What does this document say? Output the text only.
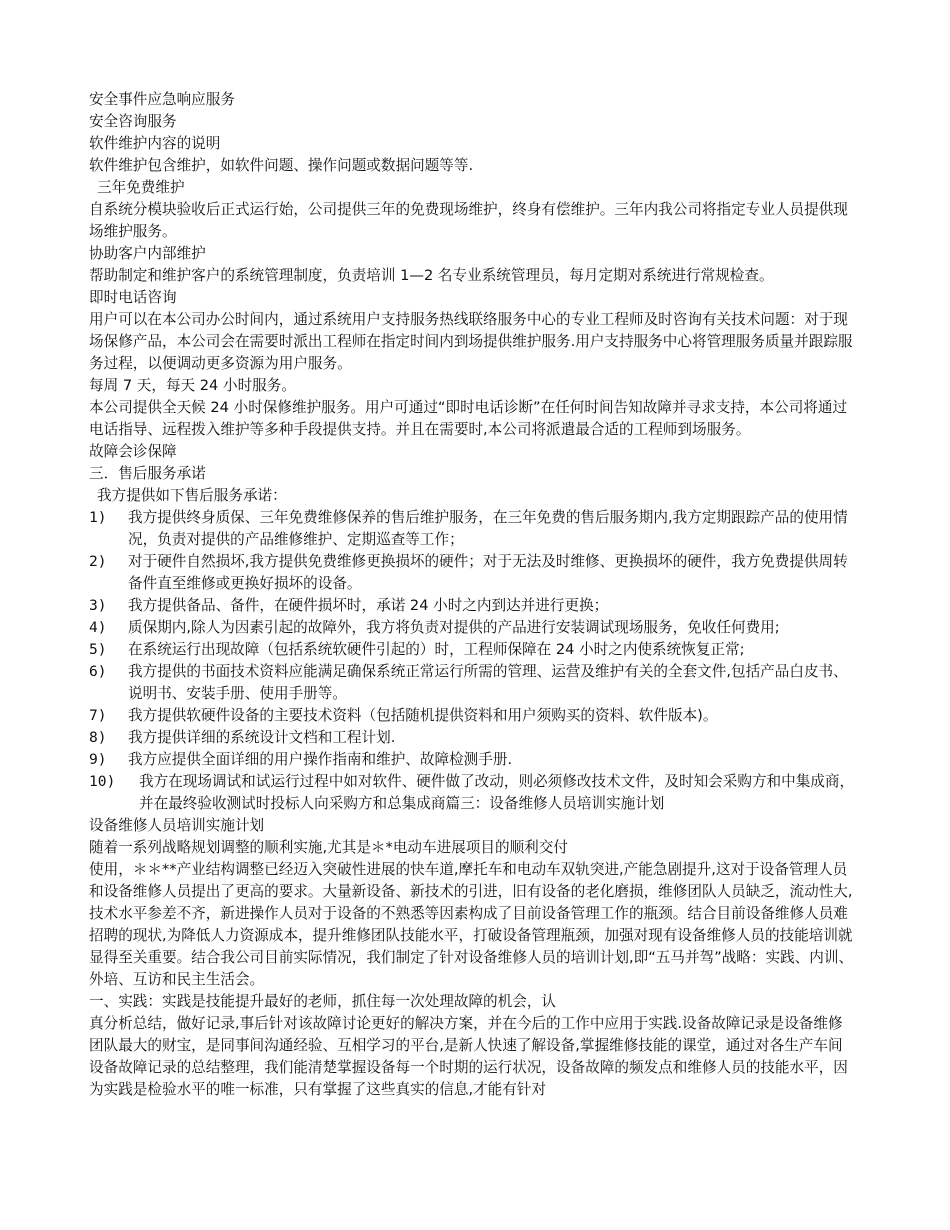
安全事件应急响应服务

安全咨询服务

软件维护内容的说明

软件维护包含维护，如软件问题、操作问题或数据问题等等.

三年免费维护

自系统分模块验收后正式运行始，公司提供三年的免费现场维护，终身有偿维护。三年内我公司将指定专业人员提供现场维护服务。

协助客户内部维护

帮助制定和维护客户的系统管理制度，负责培训 1—2 名专业系统管理员，每月定期对系统进行常规检查。

即时电话咨询

用户可以在本公司办公时间内，通过系统用户支持服务热线联络服务中心的专业工程师及时咨询有关技术问题：对于现场保修产品，本公司会在需要时派出工程师在指定时间内到场提供维护服务.用户支持服务中心将管理服务质量并跟踪服务过程，以便调动更多资源为用户服务。

每周 7 天，每天 24 小时服务。

本公司提供全天候 24 小时保修维护服务。用户可通过“即时电话诊断”在任何时间告知故障并寻求支持，本公司将通过电话指导、远程拨入维护等多种手段提供支持。并且在需要时,本公司将派遣最合适的工程师到场服务。

故障会诊保障

三．售后服务承诺

我方提供如下售后服务承诺：

1) 我方提供终身质保、三年免费维修保养的售后维护服务，在三年免费的售后服务期内,我方定期跟踪产品的使用情况，负责对提供的产品维修维护、定期巡查等工作；
2) 对于硬件自然损坏,我方提供免费维修更换损坏的硬件；对于无法及时维修、更换损坏的硬件，我方免费提供周转备件直至维修或更换好损坏的设备。
3) 我方提供备品、备件，在硬件损坏时，承诺 24 小时之内到达并进行更换；
4) 质保期内,除人为因素引起的故障外，我方将负责对提供的产品进行安装调试现场服务，免收任何费用;
5) 在系统运行出现故障（包括系统软硬件引起的）时，工程师保障在 24 小时之内使系统恢复正常;
6) 我方提供的书面技术资料应能满足确保系统正常运行所需的管理、运营及维护有关的全套文件,包括产品白皮书、说明书、安装手册、使用手册等。
7) 我方提供软硬件设备的主要技术资料（包括随机提供资料和用户须购买的资料、软件版本)。
8) 我方提供详细的系统设计文档和工程计划.
9) 我方应提供全面详细的用户操作指南和维护、故障检测手册.
10) 我方在现场调试和试运行过程中如对软件、硬件做了改动，则必须修改技术文件，及时知会采购方和中集成商，并在最终验收测试时投标人向采购方和总集成商篇三：设备维修人员培训实施计划

设备维修人员培训实施计划

随着一系列战略规划调整的顺利实施,尤其是＊*电动车进展项目的顺利交付

使用，＊＊**产业结构调整已经迈入突破性进展的快车道,摩托车和电动车双轨突进,产能急剧提升,这对于设备管理人员和设备维修人员提出了更高的要求。大量新设备、新技术的引进，旧有设备的老化磨损，维修团队人员缺乏，流动性大,技术水平参差不齐，新进操作人员对于设备的不熟悉等因素构成了目前设备管理工作的瓶颈。结合目前设备维修人员难招聘的现状,为降低人力资源成本，提升维修团队技能水平，打破设备管理瓶颈，加强对现有设备维修人员的技能培训就显得至关重要。结合我公司目前实际情况，我们制定了针对设备维修人员的培训计划,即“五马并驾”战略：实践、内训、外培、互访和民主生活会。

一、实践：实践是技能提升最好的老师，抓住每一次处理故障的机会，认

真分析总结，做好记录,事后针对该故障讨论更好的解决方案，并在今后的工作中应用于实践.设备故障记录是设备维修团队最大的财宝，是同事间沟通经验、互相学习的平台,是新人快速了解设备,掌握维修技能的课堂，通过对各生产车间设备故障记录的总结整理，我们能清楚掌握设备每一个时期的运行状况，设备故障的频发点和维修人员的技能水平，因为实践是检验水平的唯一标准，只有掌握了这些真实的信息,才能有针对
